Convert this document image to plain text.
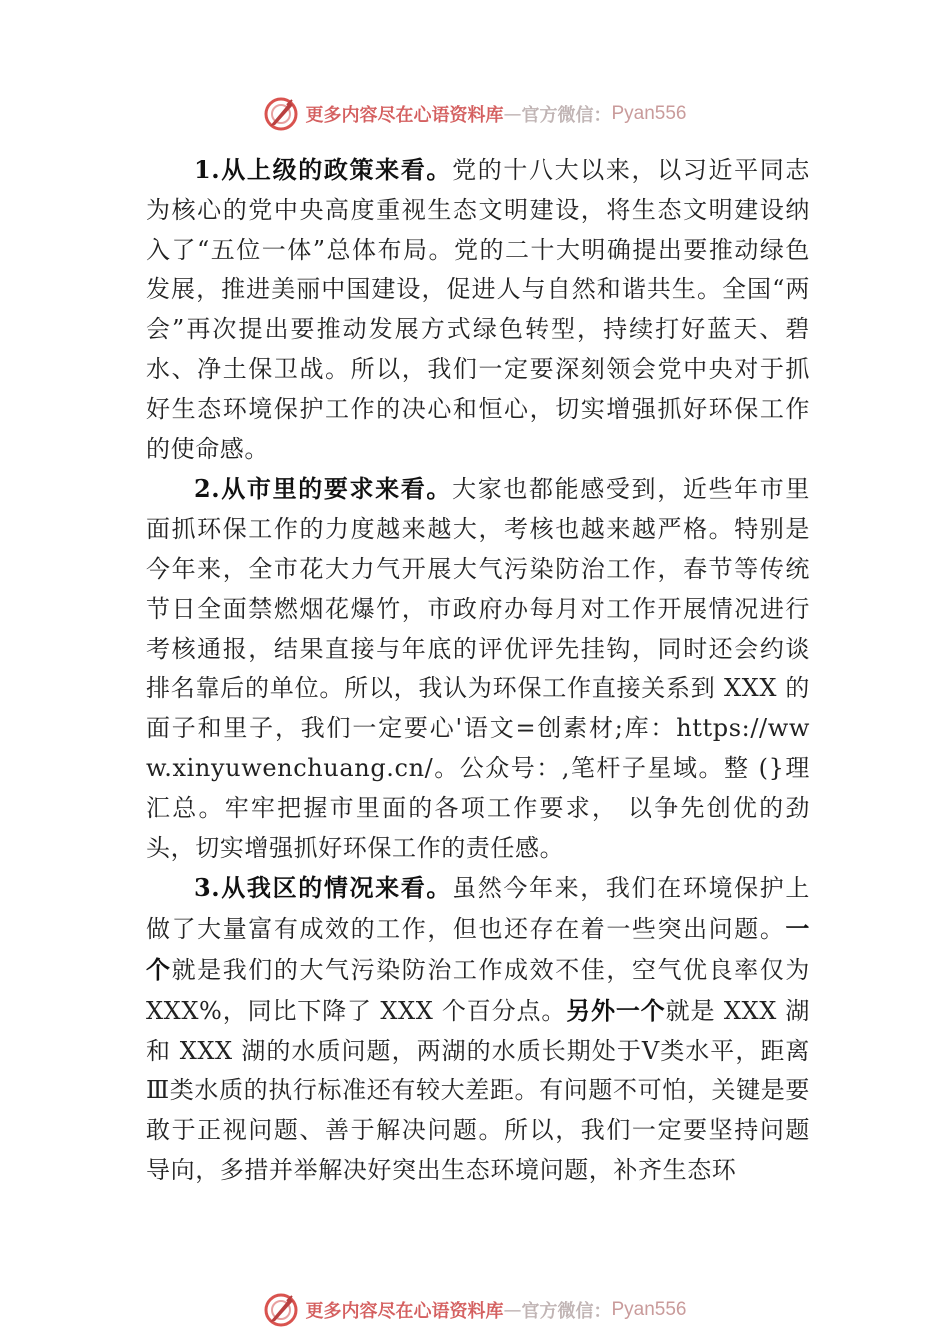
更多内容尽在心语资料库 — 官方微信： Pyan556

1.从上级的政策来看。党的十八大以来，以习近平同志为核心的党中央高度重视生态文明建设，将生态文明建设纳入了“五位一体”总体布局。党的二十大明确提出要推动绿色发展，推进美丽中国建设，促进人与自然和谐共生。全国“两会”再次提出要推动发展方式绿色转型，持续打好蓝天、碧水、净土保卫战。所以，我们一定要深刻领会党中央对于抓好生态环境保护工作的决心和恒心，切实增强抓好环保工作的使命感。

2.从市里的要求来看。大家也都能感受到，近些年市里面抓环保工作的力度越来越大，考核也越来越严格。特别是今年来，全市花大力气开展大气污染防治工作，春节等传统节日全面禁燃烟花爆竹，市政府办每月对工作开展情况进行考核通报，结果直接与年底的评优评先挂钩，同时还会约谈排名靠后的单位。所以，我认为环保工作直接关系到 XXX 的面子和里子，我们一定要心'语文=创素材;库：https://www.xinyuwenchuang.cn/。公众号：,笔杆子星域。整 (}理汇总。牢牢把握市里面的各项工作要求， 以争先创优的劲头，切实增强抓好环保工作的责任感。

3.从我区的情况来看。虽然今年来，我们在环境保护上做了大量富有成效的工作，但也还存在着一些突出问题。一个就是我们的大气污染防治工作成效不佳，空气优良率仅为 XXX%，同比下降了 XXX 个百分点。另外一个就是 XXX 湖和 XXX 湖的水质问题，两湖的水质长期处于Ⅴ类水平，距离Ⅲ类水质的执行标准还有较大差距。有问题不可怕，关键是要敢于正视问题、善于解决问题。所以，我们一定要坚持问题导向，多措并举解决好突出生态环境问题，补齐生态环

更多内容尽在心语资料库 — 官方微信： Pyan556
